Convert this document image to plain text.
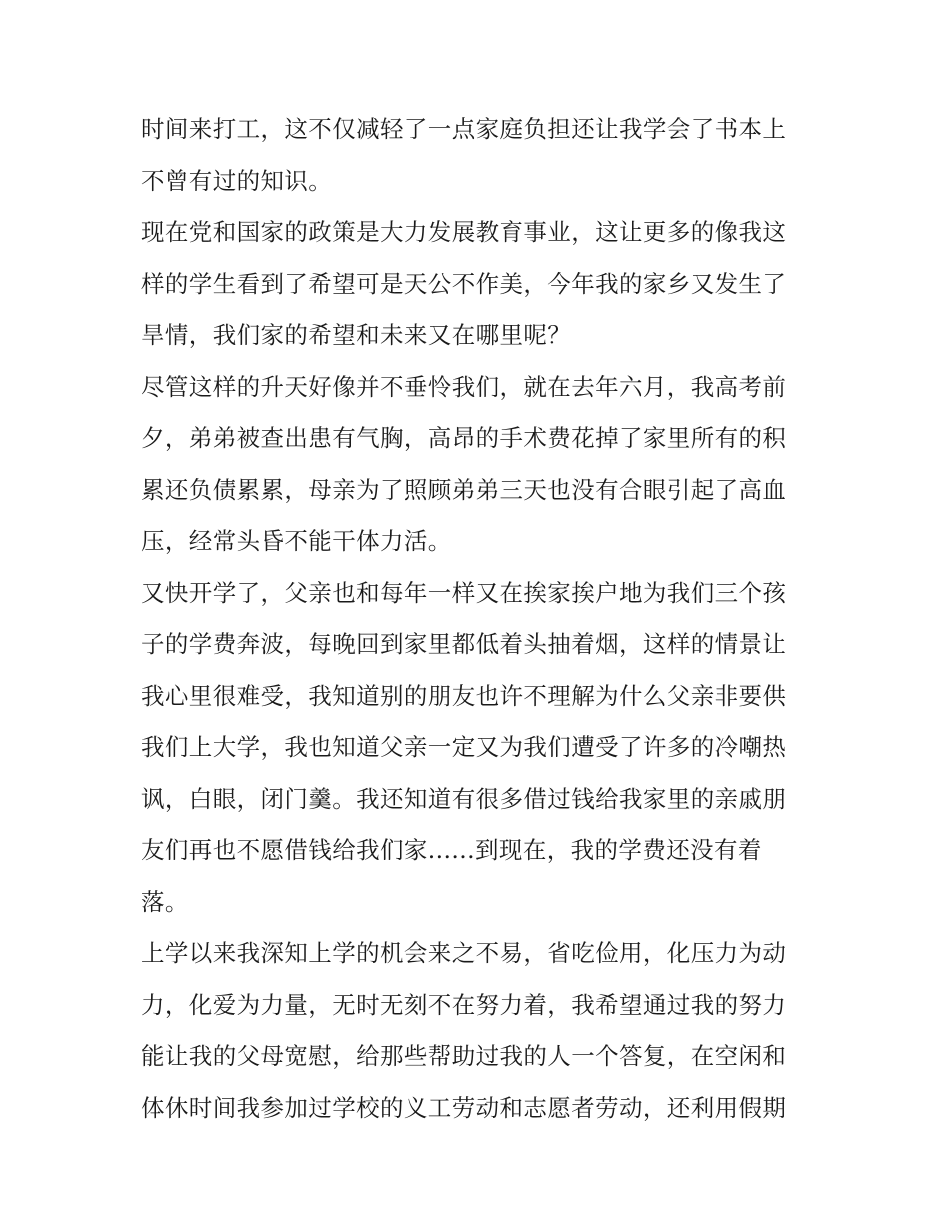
时间来打工，这不仅减轻了一点家庭负担还让我学会了书本上
不曾有过的知识。
现在党和国家的政策是大力发展教育事业，这让更多的像我这
样的学生看到了希望可是天公不作美，今年我的家乡又发生了
旱情，我们家的希望和未来又在哪里呢？
尽管这样的升天好像并不垂怜我们，就在去年六月，我高考前
夕，弟弟被查出患有气胸，高昂的手术费花掉了家里所有的积
累还负债累累，母亲为了照顾弟弟三天也没有合眼引起了高血
压，经常头昏不能干体力活。
又快开学了，父亲也和每年一样又在挨家挨户地为我们三个孩
子的学费奔波，每晚回到家里都低着头抽着烟，这样的情景让
我心里很难受，我知道别的朋友也许不理解为什么父亲非要供
我们上大学，我也知道父亲一定又为我们遭受了许多的冷嘲热
讽，白眼，闭门羹。我还知道有很多借过钱给我家里的亲戚朋
友们再也不愿借钱给我们家......到现在，我的学费还没有着
落。
上学以来我深知上学的机会来之不易，省吃俭用，化压力为动
力，化爱为力量，无时无刻不在努力着，我希望通过我的努力
能让我的父母宽慰，给那些帮助过我的人一个答复，在空闲和
体休时间我参加过学校的义工劳动和志愿者劳动，还利用假期
